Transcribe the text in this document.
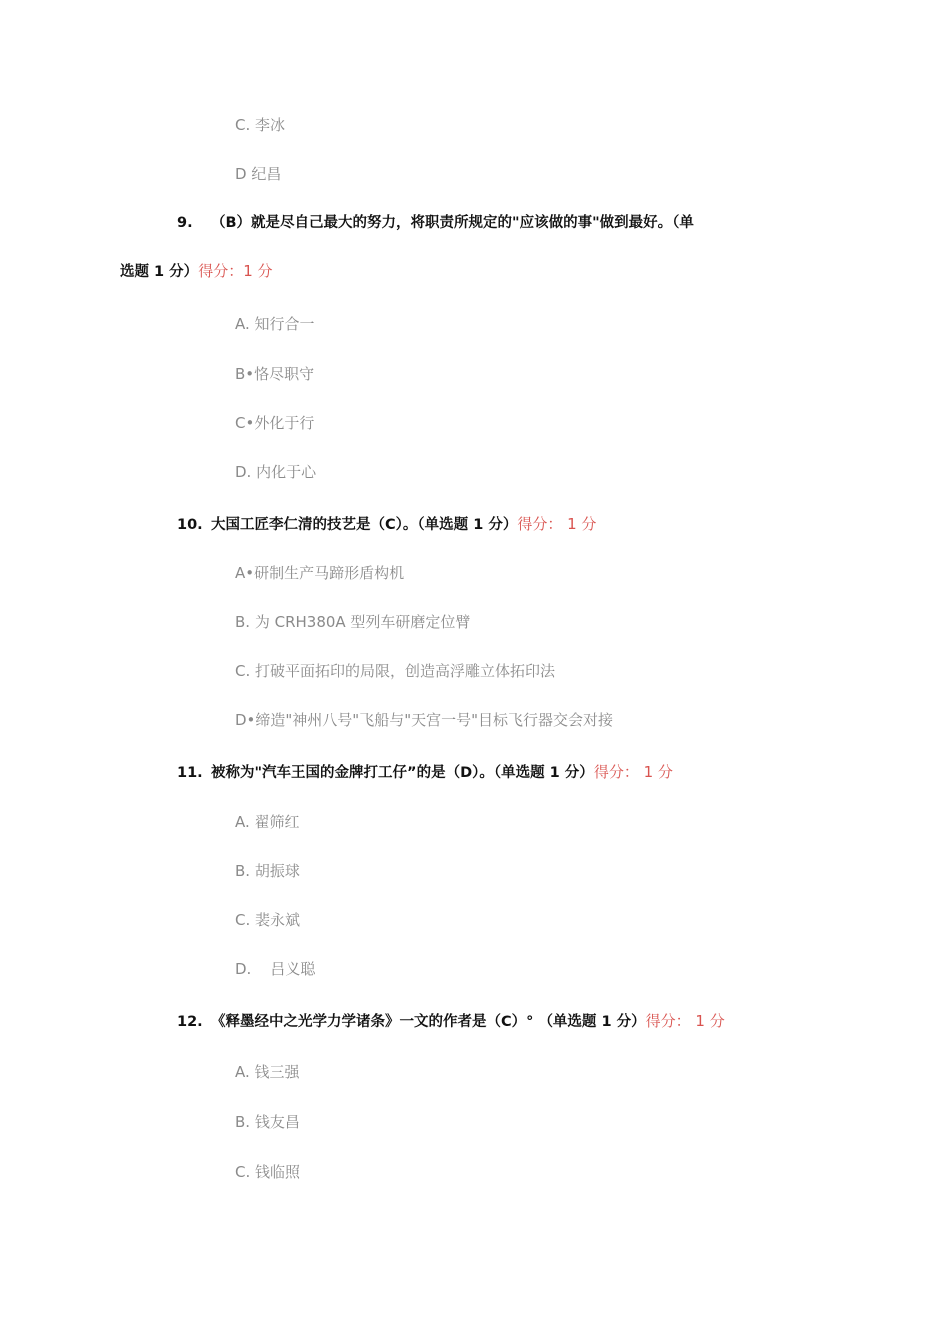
C. 李冰
D 纪昌
9. （B）就是尽自己最大的努力，将职责所规定的"应该做的事"做到最好。（单
选题 1 分）得分：1 分
A. 知行合一
B•恪尽职守
C•外化于行
D. 内化于心
10. 大国工匠李仁清的技艺是（C）。（单选题 1 分）得分： 1 分
A•研制生产马蹄形盾构机
B. 为 CRH380A 型列车研磨定位臂
C. 打破平面拓印的局限，创造高浮雕立体拓印法
D•缔造"神州八号"飞船与"天宫一号"目标飞行器交会对接
11. 被称为"汽车王国的金牌打工仔”的是（D）。（单选题 1 分）得分： 1 分
A. 翟筛红
B. 胡振球
C. 裴永斌
D.    吕义聪
12. 《释墨经中之光学力学诸条》一文的作者是（C）° （单选题 1 分）得分： 1 分
A. 钱三强
B. 钱友昌
C. 钱临照
